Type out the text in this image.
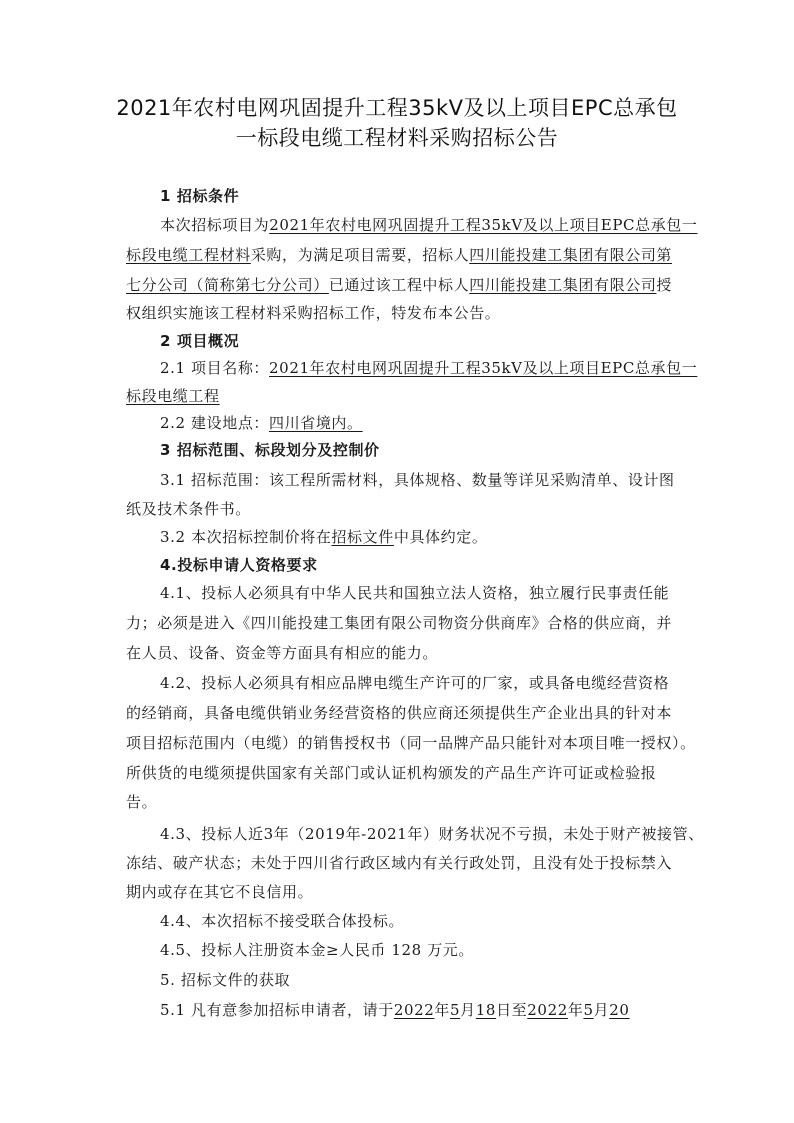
2021年农村电网巩固提升工程35kV及以上项目EPC总承包
一标段电缆工程材料采购招标公告
1 招标条件
本次招标项目为2021年农村电网巩固提升工程35kV及以上项目EPC总承包一
标段电缆工程材料采购，为满足项目需要，招标人四川能投建工集团有限公司第
七分公司（简称第七分公司）已通过该工程中标人四川能投建工集团有限公司授
权组织实施该工程材料采购招标工作，特发布本公告。
2 项目概况
2.1 项目名称：2021年农村电网巩固提升工程35kV及以上项目EPC总承包一
标段电缆工程
2.2 建设地点：四川省境内。
3 招标范围、标段划分及控制价
3.1 招标范围：该工程所需材料，具体规格、数量等详见采购清单、设计图
纸及技术条件书。
3.2 本次招标控制价将在招标文件中具体约定。
4.投标申请人资格要求
4.1、投标人必须具有中华人民共和国独立法人资格，独立履行民事责任能
力；必须是进入《四川能投建工集团有限公司物资分供商库》合格的供应商，并
在人员、设备、资金等方面具有相应的能力。
4.2、投标人必须具有相应品牌电缆生产许可的厂家，或具备电缆经营资格
的经销商，具备电缆供销业务经营资格的供应商还须提供生产企业出具的针对本
项目招标范围内（电缆）的销售授权书（同一品牌产品只能针对本项目唯一授权）。
所供货的电缆须提供国家有关部门或认证机构颁发的产品生产许可证或检验报
告。
4.3、投标人近3年（2019年-2021年）财务状况不亏损，未处于财产被接管、
冻结、破产状态；未处于四川省行政区域内有关行政处罚，且没有处于投标禁入
期内或存在其它不良信用。
4.4、本次招标不接受联合体投标。
4.5、投标人注册资本金≥人民币 128 万元。
5. 招标文件的获取
5.1 凡有意参加招标申请者，请于2022年5月18日至2022年5月20
